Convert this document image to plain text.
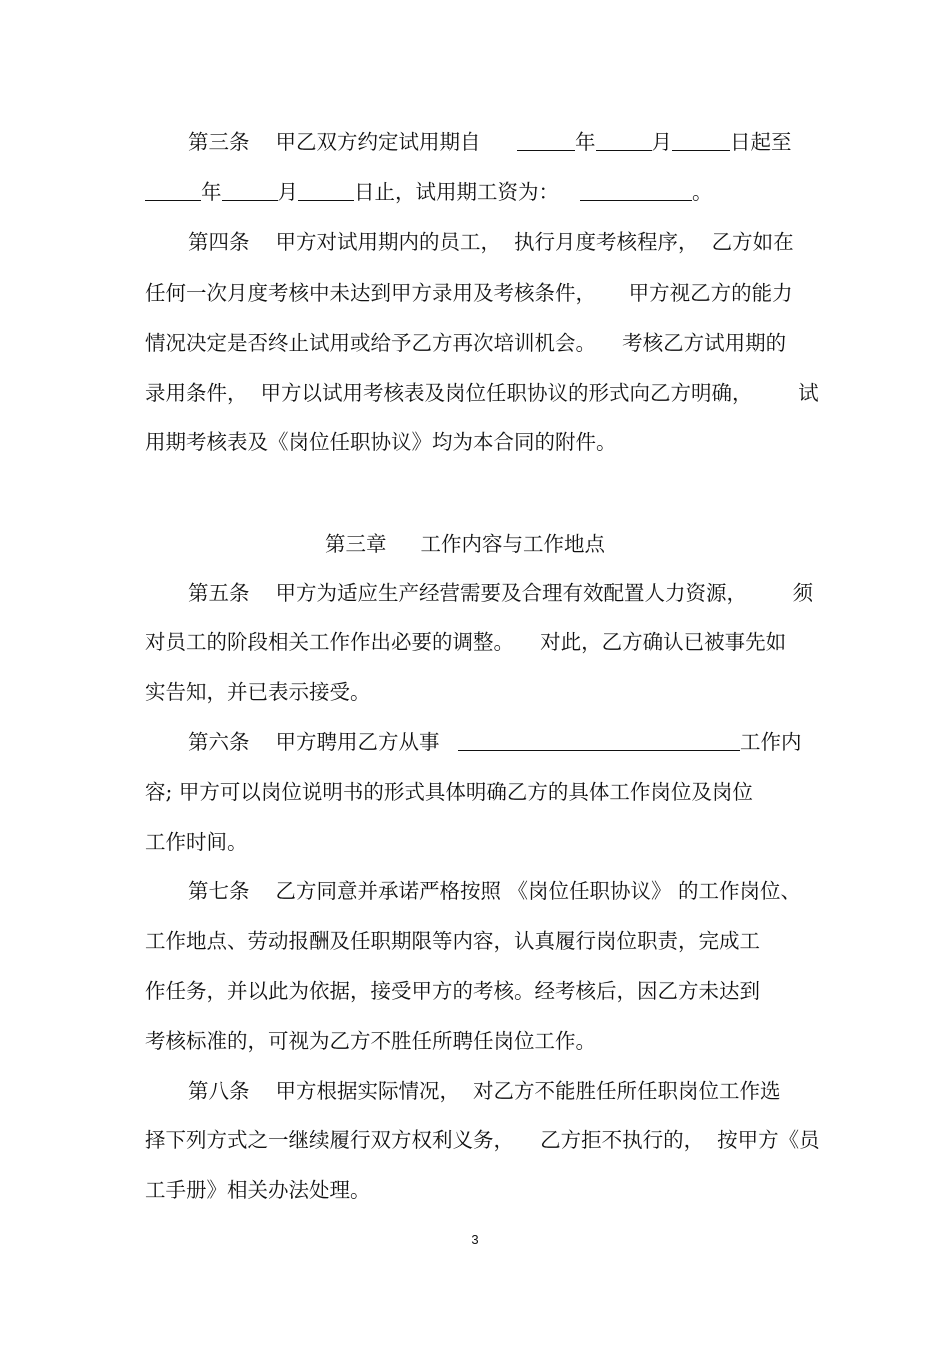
第三条 甲乙双方约定试用期自	年	月	日起至
年	月	日止，试用期工资为：	。
第四条 甲方对试用期内的员工，  执行月度考核程序，  乙方如在
任何一次月度考核中未达到甲方录用及考核条件，     甲方视乙方的能力
情况决定是否终止试用或给予乙方再次培训机会。    考核乙方试用期的
录用条件，  甲方以试用考核表及岗位任职协议的形式向乙方明确，       试
用期考核表及《岗位任职协议》均为本合同的附件。
第三章 工作内容与工作地点
第五条 甲方为适应生产经营需要及合理有效配置人力资源，       须
对员工的阶段相关工作作出必要的调整。    对此，乙方确认已被事先如
实告知，并已表示接受。
第六条 甲方聘用乙方从事	工作内
容; 甲方可以岗位说明书的形式具体明确乙方的具体工作岗位及岗位
工作时间。
第七条 乙方同意并承诺严格按照 《岗位任职协议》 的工作岗位、
工作地点、劳动报酬及任职期限等内容，认真履行岗位职责，完成工
作任务，并以此为依据，接受甲方的考核。经考核后，因乙方未达到
考核标准的，可视为乙方不胜任所聘任岗位工作。
第八条 甲方根据实际情况，  对乙方不能胜任所任职岗位工作选
择下列方式之一继续履行双方权利义务，    乙方拒不执行的，  按甲方《员
工手册》相关办法处理。
3
